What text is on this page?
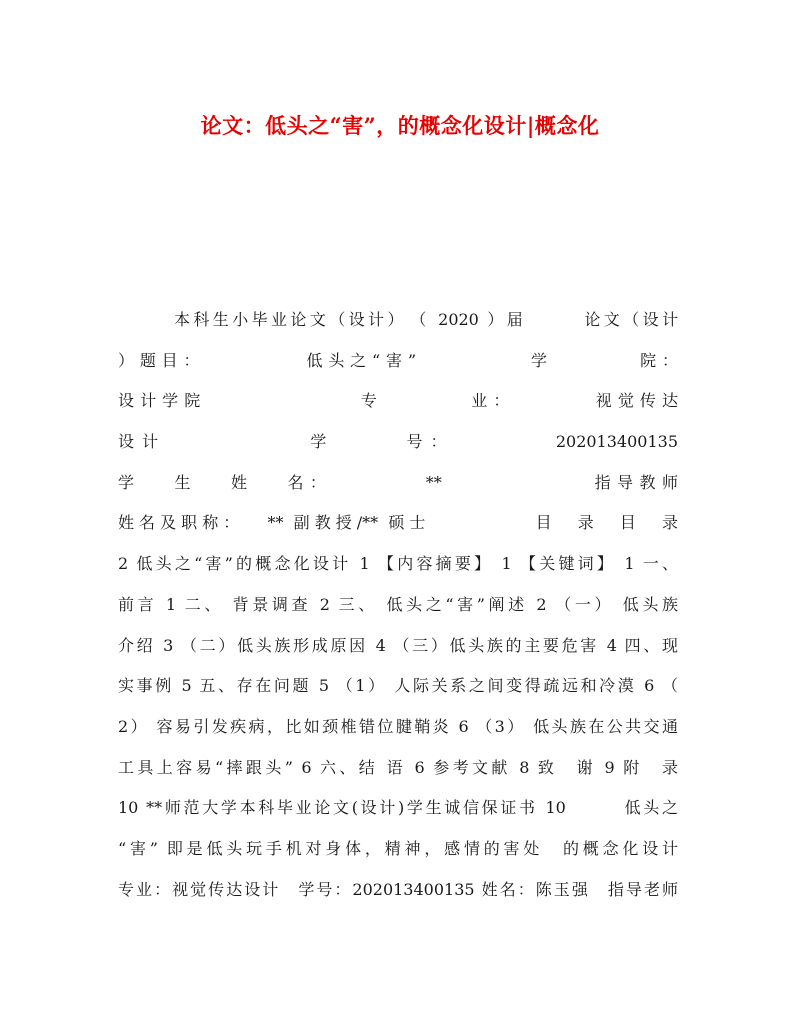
论文：低头之“害”，的概念化设计|概念化
本科生小毕业论文（设计）　（ 2020 ）届　　　论文（设计
）题目：　　　　　低头之“害”　　　　　学　　　　院：
设计学院　　　　　　　专　　　　业：　　　　视觉传达
设计　　　　　　学　　　号：　　　　 202013400135
学　 生　 姓　 名：　　　　 **　　　　　　 指导教师
姓名及职称：　 ** 副教授/** 硕士　　　　　目　录　目　录
2 低头之“害”的概念化设计 1 【内容摘要】 1 【关键词】 1 一、
前言 1 二、 背景调查 2 三、 低头之“害”阐述 2 （一） 低头族
介绍 3 （二）低头族形成原因 4 （三）低头族的主要危害 4 四、现
实事例 5 五、存在问题 5 （1） 人际关系之间变得疏远和冷漠 6 （
2） 容易引发疾病，比如颈椎错位腱鞘炎 6 （3） 低头族在公共交通
工具上容易“摔跟头” 6 六、结 语 6 参考文献 8 致　谢 9 附　录
10 **师范大学本科毕业论文(设计)学生诚信保证书 10　　　低头之
“害” 即是低头玩手机对身体，精神，感情的害处　的概念化设计
专业：视觉传达设计　学号：202013400135 姓名：陈玉强　指导老师
